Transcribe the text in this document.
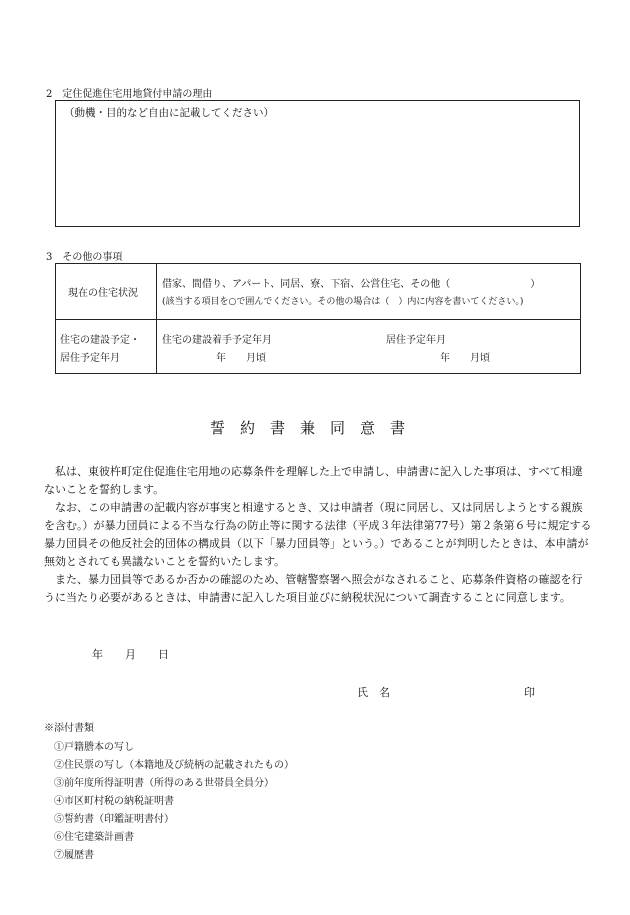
2　定住促進住宅用地貸付申請の理由
（動機・目的など自由に記載してください）
3　その他の事項
現在の住宅状況
借家、間借り、アパート、同居、寮、下宿、公営住宅、その他（　　　　　　　　）
(該当する項目を○で囲んでください。その他の場合は（　）内に内容を書いてください。)
住宅の建設予定・
居住予定年月
住宅の建設着手予定年月
年　　月頃
居住予定年月
年　　月頃
誓約書兼同意書

　私は、東彼杵町定住促進住宅用地の応募条件を理解した上で申請し、申請書に記入した事項は、すべて相違ないことを誓約します。

　なお、この申請書の記載内容が事実と相違するとき、又は申請者（現に同居し、又は同居しようとする親族を含む。）が暴力団員による不当な行為の防止等に関する法律（平成３年法律第77号）第２条第６号に規定する暴力団員その他反社会的団体の構成員（以下「暴力団員等」という。）であることが判明したときは、本申請が無効とされても異議ないことを誓約いたします。

　また、暴力団員等であるか否かの確認のため、管轄警察署へ照会がなされること、応募条件資格の確認を行うに当たり必要があるときは、申請書に記入した項目並びに納税状況について調査することに同意します。

年　　月　　日
氏　名	印
※添付書類
①戸籍謄本の写し
②住民票の写し（本籍地及び続柄の記載されたもの）
③前年度所得証明書（所得のある世帯員全員分）
④市区町村税の納税証明書
⑤誓約書（印鑑証明書付）
⑥住宅建築計画書
⑦履歴書
